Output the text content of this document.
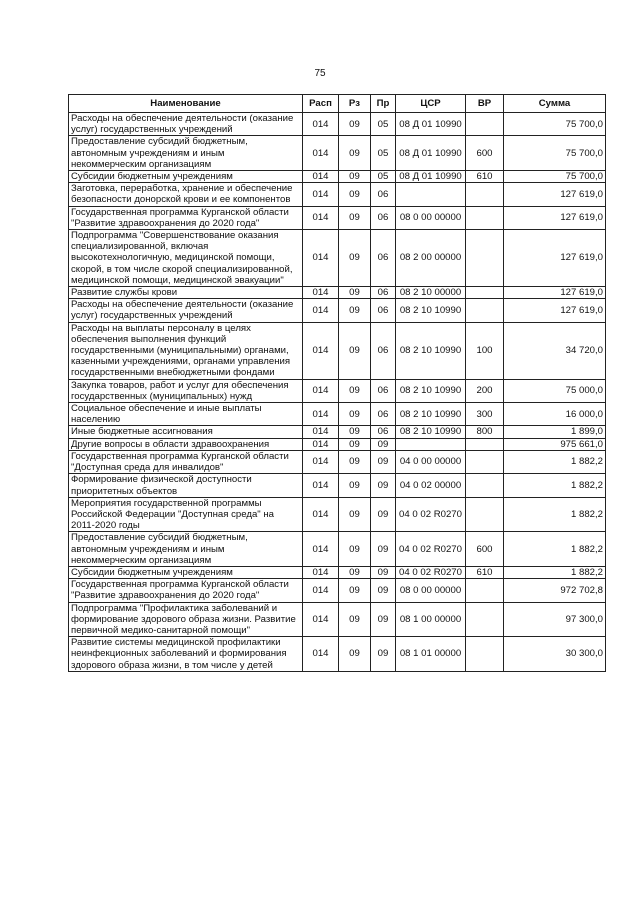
75
Наименование	Расп	Рз	Пр	ЦСР	ВР	Сумма
Расходы на обеспечение деятельности (оказание услуг) государственных учреждений	014	09	05	08 Д 01 10990		75 700,0
Предоставление субсидий бюджетным, автономным учреждениям и иным некоммерческим организациям	014	09	05	08 Д 01 10990	600	75 700,0
Субсидии бюджетным учреждениям	014	09	05	08 Д 01 10990	610	75 700,0
Заготовка, переработка, хранение и обеспечение безопасности донорской крови и ее компонентов	014	09	06			127 619,0
Государственная программа Курганской области "Развитие здравоохранения до 2020 года"	014	09	06	08 0 00 00000		127 619,0
Подпрограмма "Совершенствование оказания специализированной, включая высокотехнологичную, медицинской помощи, скорой, в том числе скорой специализированной, медицинской помощи, медицинской эвакуации"	014	09	06	08 2 00 00000		127 619,0
Развитие службы крови	014	09	06	08 2 10 00000		127 619,0
Расходы на обеспечение деятельности (оказание услуг) государственных учреждений	014	09	06	08 2 10 10990		127 619,0
Расходы на выплаты персоналу в целях обеспечения выполнения функций государственными (муниципальными) органами, казенными учреждениями, органами управления государственными внебюджетными фондами	014	09	06	08 2 10 10990	100	34 720,0
Закупка товаров, работ и услуг для обеспечения государственных (муниципальных) нужд	014	09	06	08 2 10 10990	200	75 000,0
Социальное обеспечение и иные выплаты населению	014	09	06	08 2 10 10990	300	16 000,0
Иные бюджетные ассигнования	014	09	06	08 2 10 10990	800	1 899,0
Другие вопросы в области здравоохранения	014	09	09			975 661,0
Государственная программа Курганской области "Доступная среда для инвалидов"	014	09	09	04 0 00 00000		1 882,2
Формирование физической доступности приоритетных объектов	014	09	09	04 0 02 00000		1 882,2
Мероприятия государственной программы Российской Федерации "Доступная среда" на 2011-2020 годы	014	09	09	04 0 02 R0270		1 882,2
Предоставление субсидий бюджетным, автономным учреждениям и иным некоммерческим организациям	014	09	09	04 0 02 R0270	600	1 882,2
Субсидии бюджетным учреждениям	014	09	09	04 0 02 R0270	610	1 882,2
Государственная программа Курганской области "Развитие здравоохранения до 2020 года"	014	09	09	08 0 00 00000		972 702,8
Подпрограмма "Профилактика заболеваний и формирование здорового образа жизни. Развитие первичной медико-санитарной помощи"	014	09	09	08 1 00 00000		97 300,0
Развитие системы медицинской профилактики неинфекционных заболеваний и формирования здорового образа жизни, в том числе у детей	014	09	09	08 1 01 00000		30 300,0
